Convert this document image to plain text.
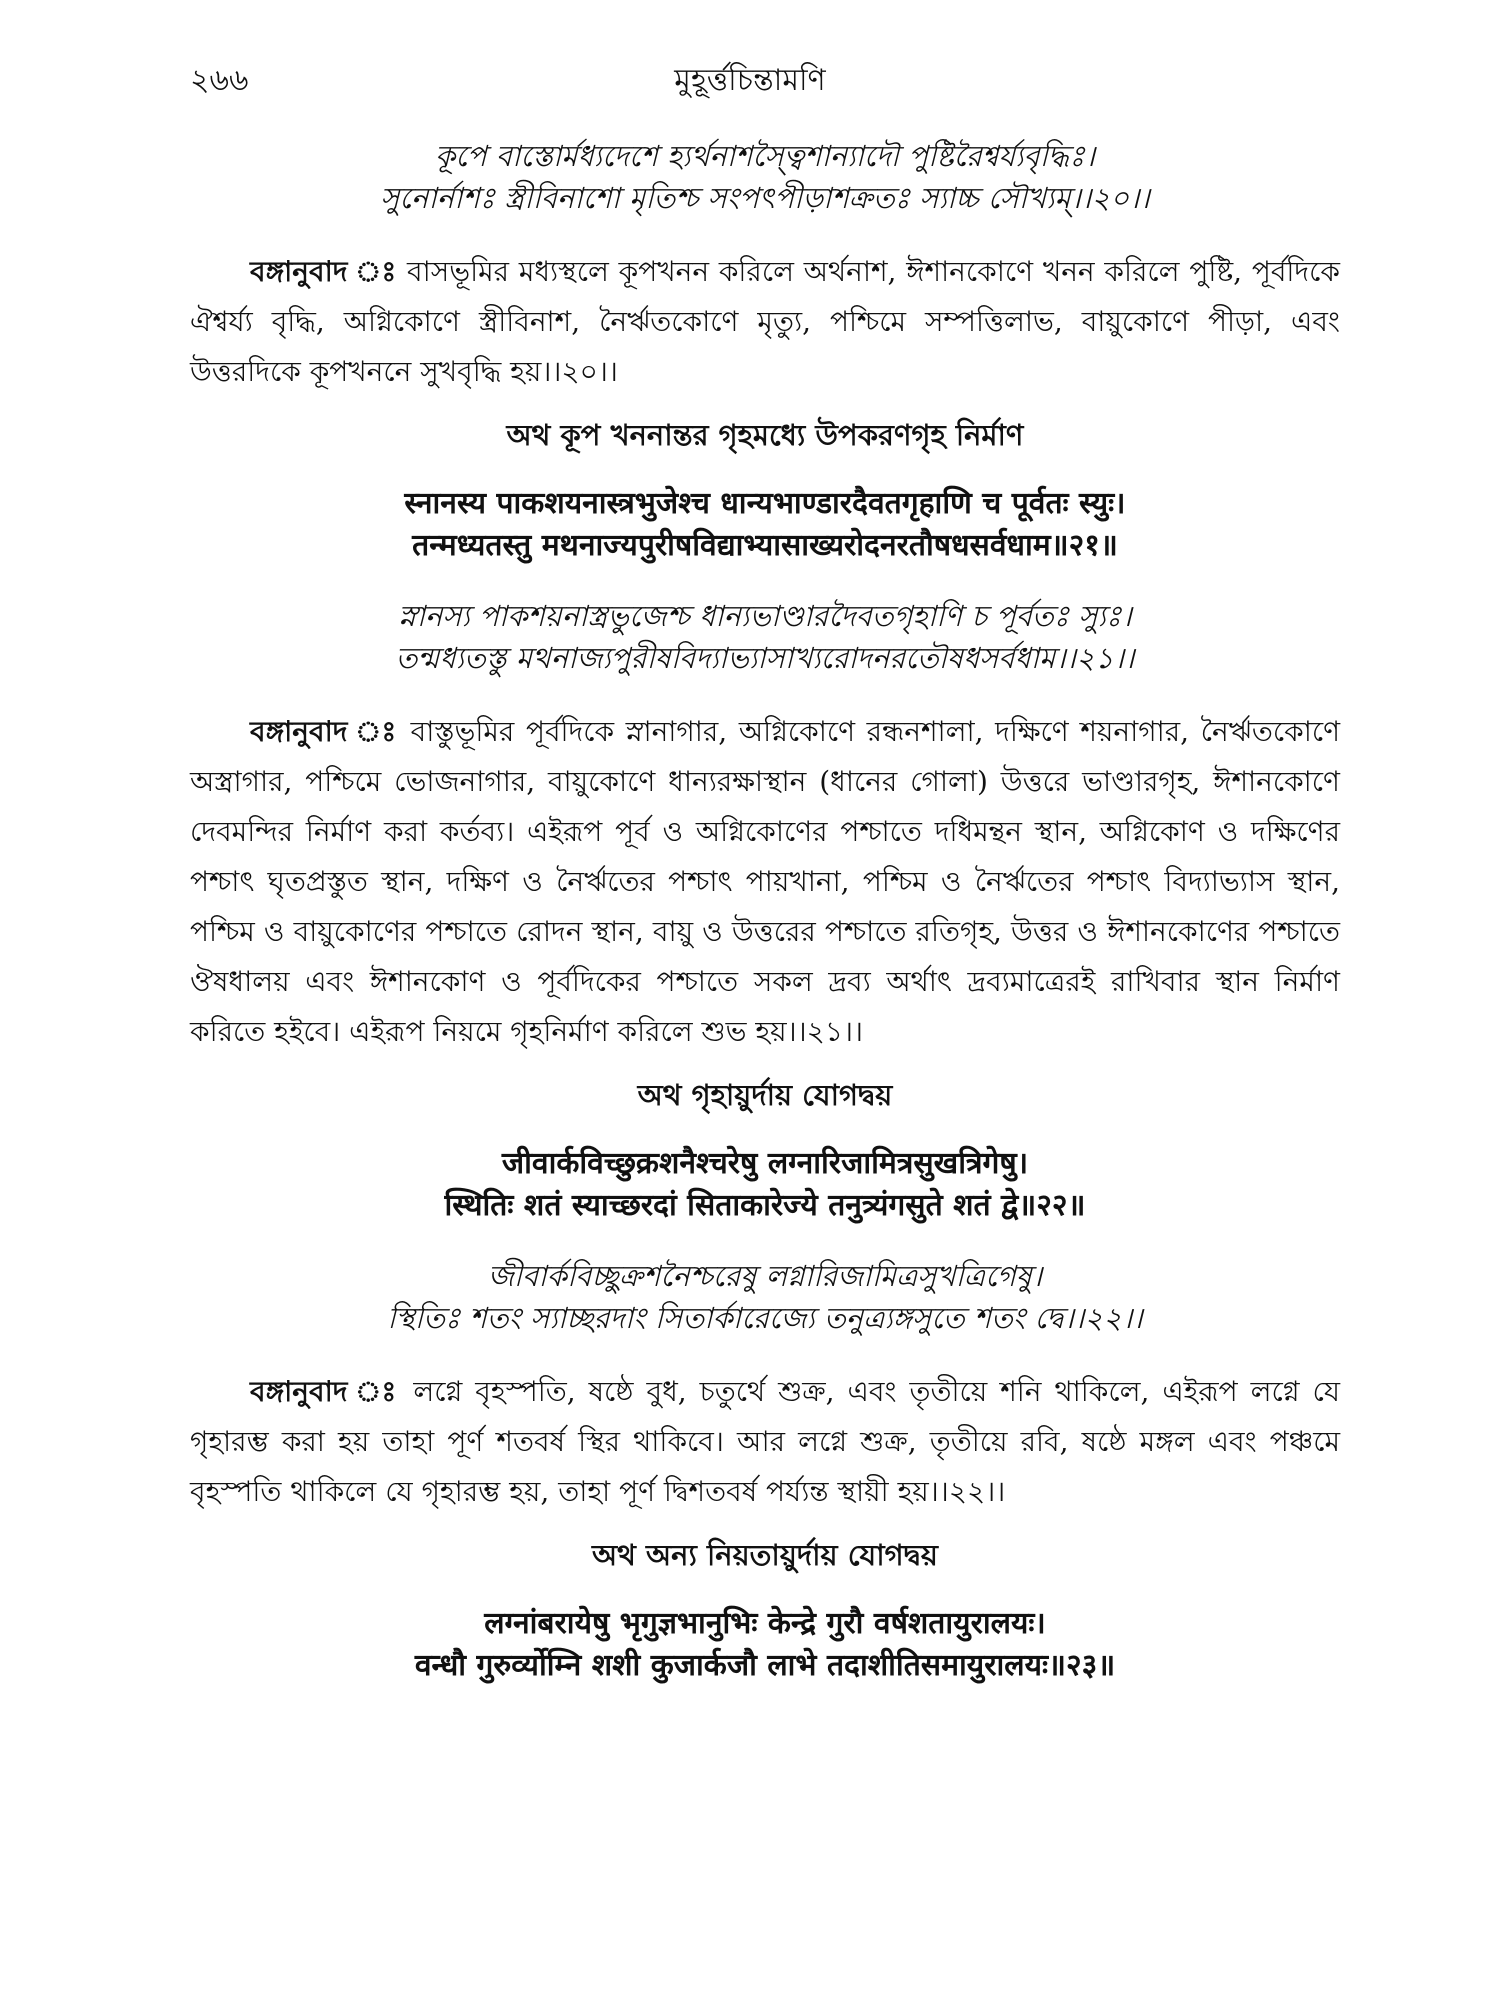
২৬৬	মুহূর্ত্তচিন্তামণি
কূপে বাস্তোর্মধ্যদেশে হ্যর্থনাশস্ত্বৈশান্যাদৌ পুষ্টিরৈশ্বর্য্যবৃদ্ধিঃ।
সুনোর্নাশঃ স্ত্রীবিনাশো মৃতিশ্চ সংপৎপীড়াশক্রতঃ স্যাচ্চ সৌখ্যম্।।২০।।

বঙ্গানুবাদ ঃ বাসভূমির মধ্যস্থলে কূপখনন করিলে অর্থনাশ, ঈশানকোণে খনন করিলে পুষ্টি, পূর্বদিকে ঐশ্বর্য্য বৃদ্ধি, অগ্নিকোণে স্ত্রীবিনাশ, নৈর্ঋতকোণে মৃত্যু, পশ্চিমে সম্পত্তিলাভ, বায়ুকোণে পীড়া, এবং উত্তরদিকে কূপখননে সুখবৃদ্ধি হয়।।২০।।

অথ কূপ খননান্তর গৃহমধ্যে উপকরণগৃহ নির্মাণ
स्नानस्य पाकशयनास्त्रभुजेश्च धान्यभाण्डारदैवतगृहाणि च पूर्वतः स्युः।
तन्मध्यतस्तु मथनाज्यपुरीषविद्याभ्यासाख्यरोदनरतौषधसर्वधाम॥२१॥
স্নানস্য পাকশয়নাস্ত্রভুজেশ্চ ধান্যভাণ্ডারদৈবতগৃহাণি চ পূর্বতঃ স্যুঃ।
তন্মধ্যতস্তু মথনাজ্যপুরীষবিদ্যাভ্যাসাখ্যরোদনরতৌষধসর্বধাম।।২১।।

বঙ্গানুবাদ ঃ বাস্তুভূমির পূর্বদিকে স্নানাগার, অগ্নিকোণে রন্ধনশালা, দক্ষিণে শয়নাগার, নৈর্ঋতকোণে অস্ত্রাগার, পশ্চিমে ভোজনাগার, বায়ুকোণে ধান্যরক্ষাস্থান (ধানের গোলা) উত্তরে ভাণ্ডারগৃহ, ঈশানকোণে দেবমন্দির নির্মাণ করা কর্তব্য। এইরূপ পূর্ব ও অগ্নিকোণের পশ্চাতে দধিমন্থন স্থান, অগ্নিকোণ ও দক্ষিণের পশ্চাৎ ঘৃতপ্রস্তুত স্থান, দক্ষিণ ও নৈর্ঋতের পশ্চাৎ পায়খানা, পশ্চিম ও নৈর্ঋতের পশ্চাৎ বিদ্যাভ্যাস স্থান, পশ্চিম ও বায়ুকোণের পশ্চাতে রোদন স্থান, বায়ু ও উত্তরের পশ্চাতে রতিগৃহ, উত্তর ও ঈশানকোণের পশ্চাতে ঔষধালয় এবং ঈশানকোণ ও পূর্বদিকের পশ্চাতে সকল দ্রব্য অর্থাৎ দ্রব্যমাত্রেরই রাখিবার স্থান নির্মাণ করিতে হইবে। এইরূপ নিয়মে গৃহনির্মাণ করিলে শুভ হয়।।২১।।

অথ গৃহায়ুর্দায় যোগদ্বয়
जीवार्कविच्छुक्रशनैश्चरेषु लग्नारिजामित्रसुखत्रिगेषु।
स्थितिः शतं स्याच्छरदां सिताकारेज्ये तनुत्र्यंगसुते शतं द्वे॥२२॥
জীবার্কবিচ্ছুক্রশনৈশ্চরেষু লগ্নারিজামিত্রসুখত্রিগেষু।
স্থিতিঃ শতং স্যাচ্ছরদাং সিতার্কারেজ্যে তনুত্র্যঙ্গসুতে শতং দ্বে।।২২।।

বঙ্গানুবাদ ঃ লগ্নে বৃহস্পতি, ষষ্ঠে বুধ, চতুর্থে শুক্র, এবং তৃতীয়ে শনি থাকিলে, এইরূপ লগ্নে যে গৃহারম্ভ করা হয় তাহা পূর্ণ শতবর্ষ স্থির থাকিবে। আর লগ্নে শুক্র, তৃতীয়ে রবি, ষষ্ঠে মঙ্গল এবং পঞ্চমে বৃহস্পতি থাকিলে যে গৃহারম্ভ হয়, তাহা পূর্ণ দ্বিশতবর্ষ পর্য্যন্ত স্থায়ী হয়।।২২।।

অথ অন্য নিয়তায়ুর্দায় যোগদ্বয়
लग्नांबरायेषु भृगुज्ञभानुभिः केन्द्रे गुरौ वर्षशतायुरालयः।
वन्धौ गुरुर्व्योम्नि शशी कुजार्कजौ लाभे तदाशीतिसमायुरालयः॥२३॥
